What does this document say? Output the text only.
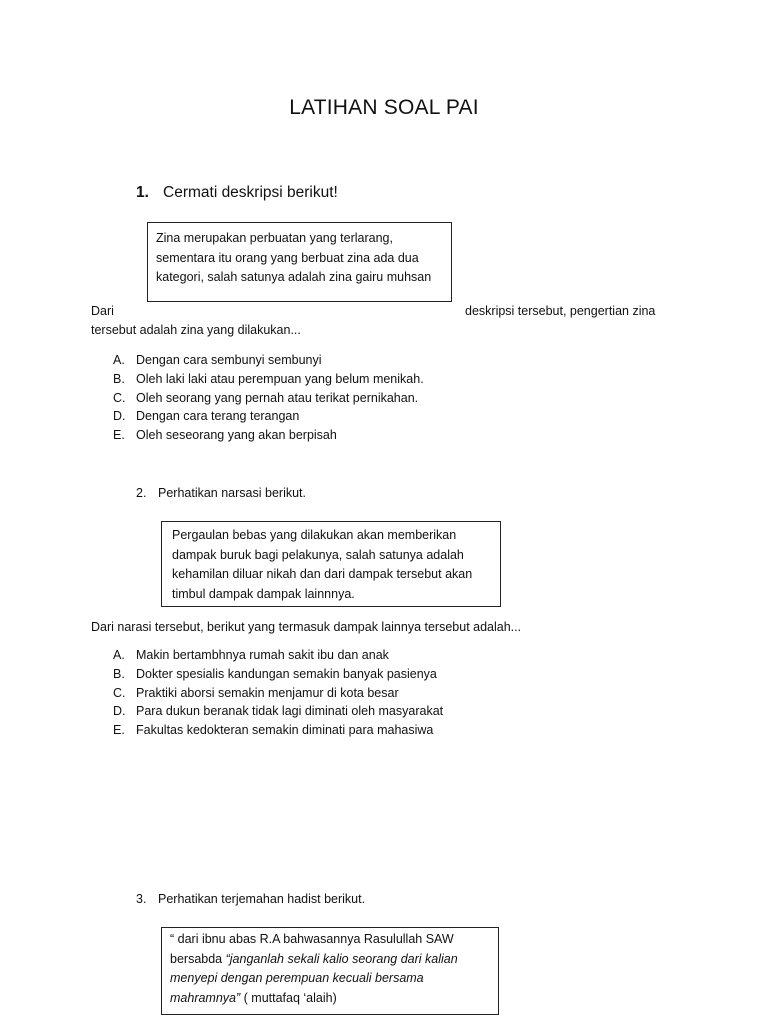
LATIHAN SOAL PAI
1. Cermati deskripsi berikut!

Zina merupakan perbuatan yang terlarang,

sementara itu orang yang berbuat zina ada dua

kategori, salah satunya adalah zina gairu muhsan

Dari	deskripsi tersebut, pengertian zina
tersebut adalah zina yang dilakukan...
A. Dengan cara sembunyi sembunyi
B. Oleh laki laki atau perempuan yang belum menikah.
C. Oleh seorang yang pernah atau terikat pernikahan.
D. Dengan cara terang terangan
E. Oleh seseorang yang akan berpisah
2. Perhatikan narsasi berikut.

Pergaulan bebas yang dilakukan akan memberikan

dampak buruk bagi pelakunya, salah satunya adalah

kehamilan diluar nikah dan dari dampak tersebut akan

timbul dampak dampak lainnnya.

Dari narasi tersebut, berikut yang termasuk dampak lainnya tersebut adalah...
A. Makin bertambhnya rumah sakit ibu dan anak
B. Dokter spesialis kandungan semakin banyak pasienya
C. Praktiki aborsi semakin menjamur di kota besar
D. Para dukun beranak tidak lagi diminati oleh masyarakat
E. Fakultas kedokteran semakin diminati para mahasiwa
3. Perhatikan terjemahan hadist berikut.

“ dari ibnu abas R.A bahwasannya Rasulullah SAW

bersabda “janganlah sekali kalio seorang dari kalian

menyepi dengan perempuan kecuali bersama

mahramnya” ( muttafaq ‘alaih)
